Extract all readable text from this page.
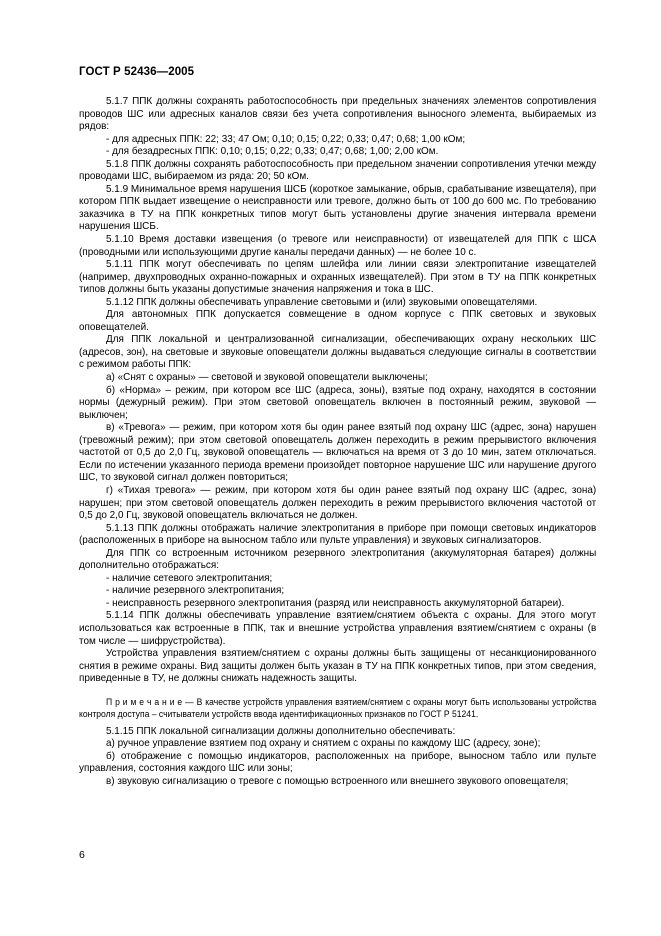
ГОСТ Р 52436—2005

5.1.7 ППК должны сохранять работоспособность при предельных значениях элементов сопротивления проводов ШС или адресных каналов связи без учета сопротивления выносного элемента, выбираемых из рядов:

- для адресных ППК: 22; 33; 47 Ом; 0,10; 0,15; 0,22; 0,33; 0,47; 0,68; 1,00 кОм;

- для безадресных ППК: 0,10; 0,15; 0,22; 0,33; 0,47; 0,68; 1,00; 2,00 кОм.

5.1.8 ППК должны сохранять работоспособность при предельном значении сопротивления утечки между проводами ШС, выбираемом из ряда: 20; 50 кОм.

5.1.9 Минимальное время нарушения ШСБ (короткое замыкание, обрыв, срабатывание извещателя), при котором ППК выдает извещение о неисправности или тревоге, должно быть от 100 до 600 мс. По требованию заказчика в ТУ на ППК конкретных типов могут быть установлены другие значения интервала времени нарушения ШСБ.

5.1.10 Время доставки извещения (о тревоге или неисправности) от извещателей для ППК с ШСА (проводными или использующими другие каналы передачи данных) — не более 10 с.

5.1.11 ППК могут обеспечивать по цепям шлейфа или линии связи электропитание извещателей (например, двухпроводных охранно-пожарных и охранных извещателей). При этом в ТУ на ППК конкретных типов должны быть указаны допустимые значения напряжения и тока в ШС.

5.1.12 ППК должны обеспечивать управление световыми и (или) звуковыми оповещателями.

Для автономных ППК допускается совмещение в одном корпусе с ППК световых и звуковых оповещателей.

Для ППК локальной и централизованной сигнализации, обеспечивающих охрану нескольких ШС (адресов, зон), на световые и звуковые оповещатели должны выдаваться следующие сигналы в соответствии с режимом работы ППК:

а) «Снят с охраны» — световой и звуковой оповещатели выключены;

б) «Норма» – режим, при котором все ШС (адреса, зоны), взятые под охрану, находятся в состоянии нормы (дежурный режим). При этом световой оповещатель включен в постоянный режим, звуковой — выключен;

в) «Тревога» — режим, при котором хотя бы один ранее взятый под охрану ШС (адрес, зона) нарушен (тревожный режим); при этом световой оповещатель должен переходить в режим прерывистого включения частотой от 0,5 до 2,0 Гц, звуковой оповещатель — включаться на время от 3 до 10 мин, затем отключаться. Если по истечении указанного периода времени произойдет повторное нарушение ШС или нарушение другого ШС, то звуковой сигнал должен повториться;

г) «Тихая тревога» — режим, при котором хотя бы один ранее взятый под охрану ШС (адрес, зона) нарушен; при этом световой оповещатель должен переходить в режим прерывистого включения частотой от 0,5 до 2,0 Гц, звуковой оповещатель включаться не должен.

5.1.13 ППК должны отображать наличие электропитания в приборе при помощи световых индикаторов (расположенных в приборе на выносном табло или пульте управления) и звуковых сигнализаторов.

Для ППК со встроенным источником резервного электропитания (аккумуляторная батарея) должны дополнительно отображаться:

- наличие сетевого электропитания;

- наличие резервного электропитания;

- неисправность резервного электропитания (разряд или неисправность аккумуляторной батареи).

5.1.14 ППК должны обеспечивать управление взятием/снятием объекта с охраны. Для этого могут использоваться как встроенные в ППК, так и внешние устройства управления взятием/снятием с охраны (в том числе — шифрустройства).

Устройства управления взятием/снятием с охраны должны быть защищены от несанкционированного снятия в режиме охраны. Вид защиты должен быть указан в ТУ на ППК конкретных типов, при этом сведения, приведенные в ТУ, не должны снижать надежность защиты.

П р и м е ч а н и е — В качестве устройств управления взятием/снятием с охраны могут быть использованы устройства контроля доступа – считыватели устройств ввода идентификационных признаков по ГОСТ Р 51241.

5.1.15 ППК локальной сигнализации должны дополнительно обеспечивать:

а) ручное управление взятием под охрану и снятием с охраны по каждому ШС (адресу, зоне);

б) отображение с помощью индикаторов, расположенных на приборе, выносном табло или пульте управления, состояния каждого ШС или зоны;

в) звуковую сигнализацию о тревоге с помощью встроенного или внешнего звукового оповещателя;

6
